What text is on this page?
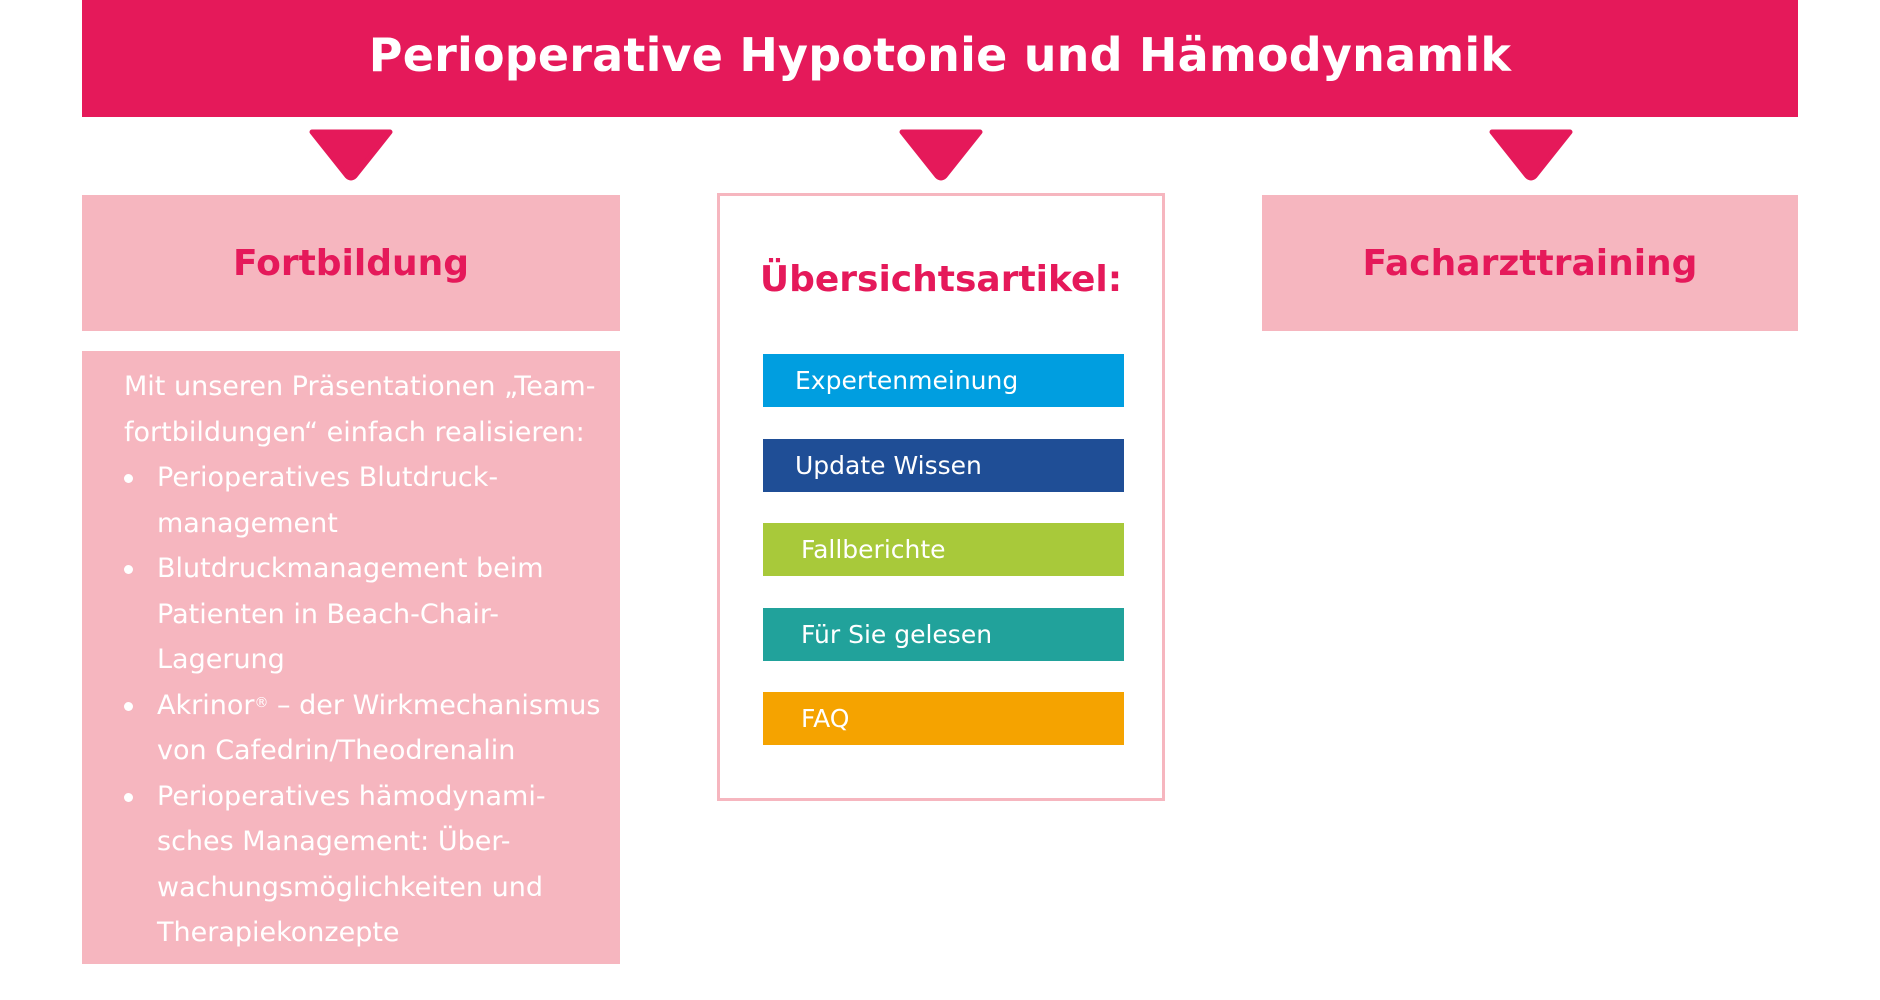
Perioperative Hypotonie und Hämodynamik
Fortbildung
Mit unseren Präsentationen „Team-
fortbildungen“ einfach realisieren:
Perioperatives Blutdruck-
management
Blutdruckmanagement beim
Patienten in Beach-Chair-
Lagerung
Akrinor® – der Wirkmechanismus
von Cafedrin/Theodrenalin
Perioperatives hämodynami-
sches Management: Über-
wachungsmöglichkeiten und
Therapiekonzepte
Übersichtsartikel:
Expertenmeinung
Update Wissen
Fallberichte
Für Sie gelesen
FAQ
Facharzttraining
